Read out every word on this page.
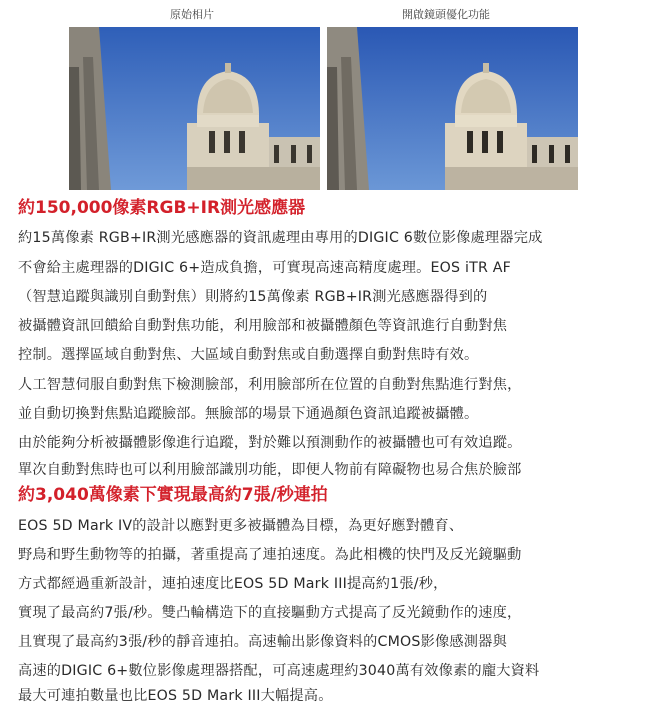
原始相片	開啟鏡頭優化功能
約150,000像素RGB+IR測光感應器

約15萬像素 RGB+IR測光感應器的資訊處理由專用的DIGIC 6數位影像處理器完成

不會給主處理器的DIGIC 6+造成負擔，可實現高速高精度處理。EOS iTR AF

（智慧追蹤與識別自動對焦）則將約15萬像素 RGB+IR測光感應器得到的

被攝體資訊回饋給自動對焦功能，利用臉部和被攝體顏色等資訊進行自動對焦

控制。選擇區域自動對焦、大區域自動對焦或自動選擇自動對焦時有效。

人工智慧伺服自動對焦下檢測臉部，利用臉部所在位置的自動對焦點進行對焦，

並自動切換對焦點追蹤臉部。無臉部的場景下通過顏色資訊追蹤被攝體。

由於能夠分析被攝體影像進行追蹤，對於難以預測動作的被攝體也可有效追蹤。

單次自動對焦時也可以利用臉部識別功能，即便人物前有障礙物也易合焦於臉部

約3,040萬像素下實現最高約7張/秒連拍

EOS 5D Mark IV的設計以應對更多被攝體為目標，為更好應對體育、

野鳥和野生動物等的拍攝，著重提高了連拍速度。為此相機的快門及反光鏡驅動

方式都經過重新設計，連拍速度比EOS 5D Mark III提高約1張/秒，

實現了最高約7張/秒。雙凸輪構造下的直接驅動方式提高了反光鏡動作的速度，

且實現了最高約3張/秒的靜音連拍。高速輸出影像資料的CMOS影像感測器與

高速的DIGIC 6+數位影像處理器搭配，可高速處理約3040萬有效像素的龐大資料

最大可連拍數量也比EOS 5D Mark III大幅提高。
